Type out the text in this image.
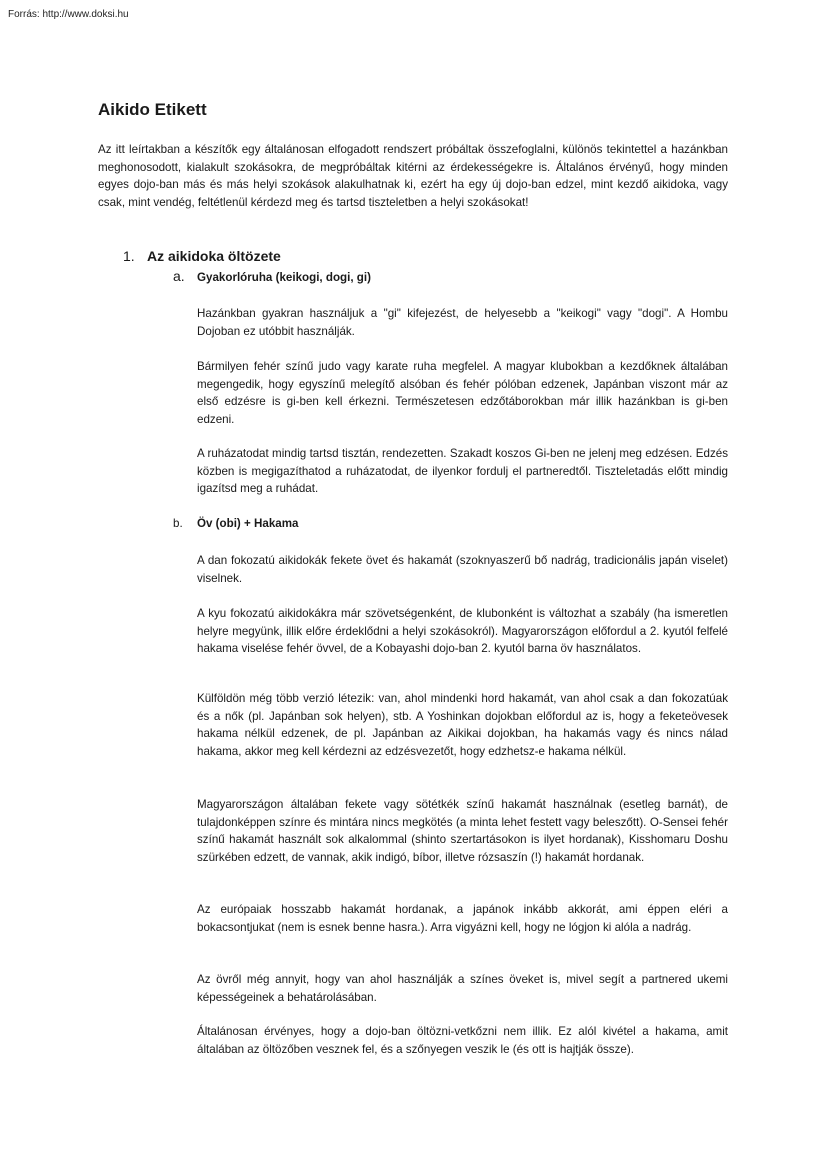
Forrás: http://www.doksi.hu
Aikido Etikett

Az itt leírtakban a készítők egy általánosan elfogadott rendszert próbáltak összefoglalni, különös tekintettel a hazánkban meghonosodott, kialakult szokásokra, de megpróbáltak kitérni az érdekességekre is. Általános érvényű, hogy minden egyes dojo-ban más és más helyi szokások alakulhatnak ki, ezért ha egy új dojo-ban edzel, mint kezdő aikidoka, vagy csak, mint vendég, feltétlenül kérdezd meg és tartsd tiszteletben a helyi szokásokat!

1. Az aikidoka öltözete
a. Gyakorlóruha (keikogi, dogi, gi)

Hazánkban gyakran használjuk a "gi" kifejezést, de helyesebb a "keikogi" vagy "dogi". A Hombu Dojoban ez utóbbit használják.

Bármilyen fehér színű judo vagy karate ruha megfelel. A magyar klubokban a kezdőknek általában megengedik, hogy egyszínű melegítő alsóban és fehér pólóban edzenek, Japánban viszont már az első edzésre is gi-ben kell érkezni. Természetesen edzőtáborokban már illik hazánkban is gi-ben edzeni.

A ruházatodat mindig tartsd tisztán, rendezetten. Szakadt koszos Gi-ben ne jelenj meg edzésen. Edzés közben is megigazíthatod a ruházatodat, de ilyenkor fordulj el partneredtől. Tiszteletadás előtt mindig igazítsd meg a ruhádat.

b. Öv (obi) + Hakama

A dan fokozatú aikidokák fekete övet és hakamát (szoknyaszerű bő nadrág, tradicionális japán viselet) viselnek.

A kyu fokozatú aikidokákra már szövetségenként, de klubonként is változhat a szabály (ha ismeretlen helyre megyünk, illik előre érdeklődni a helyi szokásokról). Magyarországon előfordul a 2. kyutól felfelé hakama viselése fehér övvel, de a Kobayashi dojo-ban 2. kyutól barna öv használatos.

Külföldön még több verzió létezik: van, ahol mindenki hord hakamát, van ahol csak a dan fokozatúak és a nők (pl. Japánban sok helyen), stb. A Yoshinkan dojokban előfordul az is, hogy a feketeövesek hakama nélkül edzenek, de pl. Japánban az Aikikai dojokban, ha hakamás vagy és nincs nálad hakama, akkor meg kell kérdezni az edzésvezetőt, hogy edzhetsz-e hakama nélkül.

Magyarországon általában fekete vagy sötétkék színű hakamát használnak (esetleg barnát), de tulajdonképpen színre és mintára nincs megkötés (a minta lehet festett vagy beleszőtt). O-Sensei fehér színű hakamát használt sok alkalommal (shinto szertartásokon is ilyet hordanak), Kisshomaru Doshu szürkében edzett, de vannak, akik indigó, bíbor, illetve rózsaszín (!) hakamát hordanak.

Az európaiak hosszabb hakamát hordanak, a japánok inkább akkorát, ami éppen eléri a bokacsontjukat (nem is esnek benne hasra.). Arra vigyázni kell, hogy ne lógjon ki alóla a nadrág.

Az övről még annyit, hogy van ahol használják a színes öveket is, mivel segít a partnered ukemi képességeinek a behatárolásában.

Általánosan érvényes, hogy a dojo-ban öltözni-vetkőzni nem illik. Ez alól kivétel a hakama, amit általában az öltözőben vesznek fel, és a szőnyegen veszik le (és ott is hajtják össze).
